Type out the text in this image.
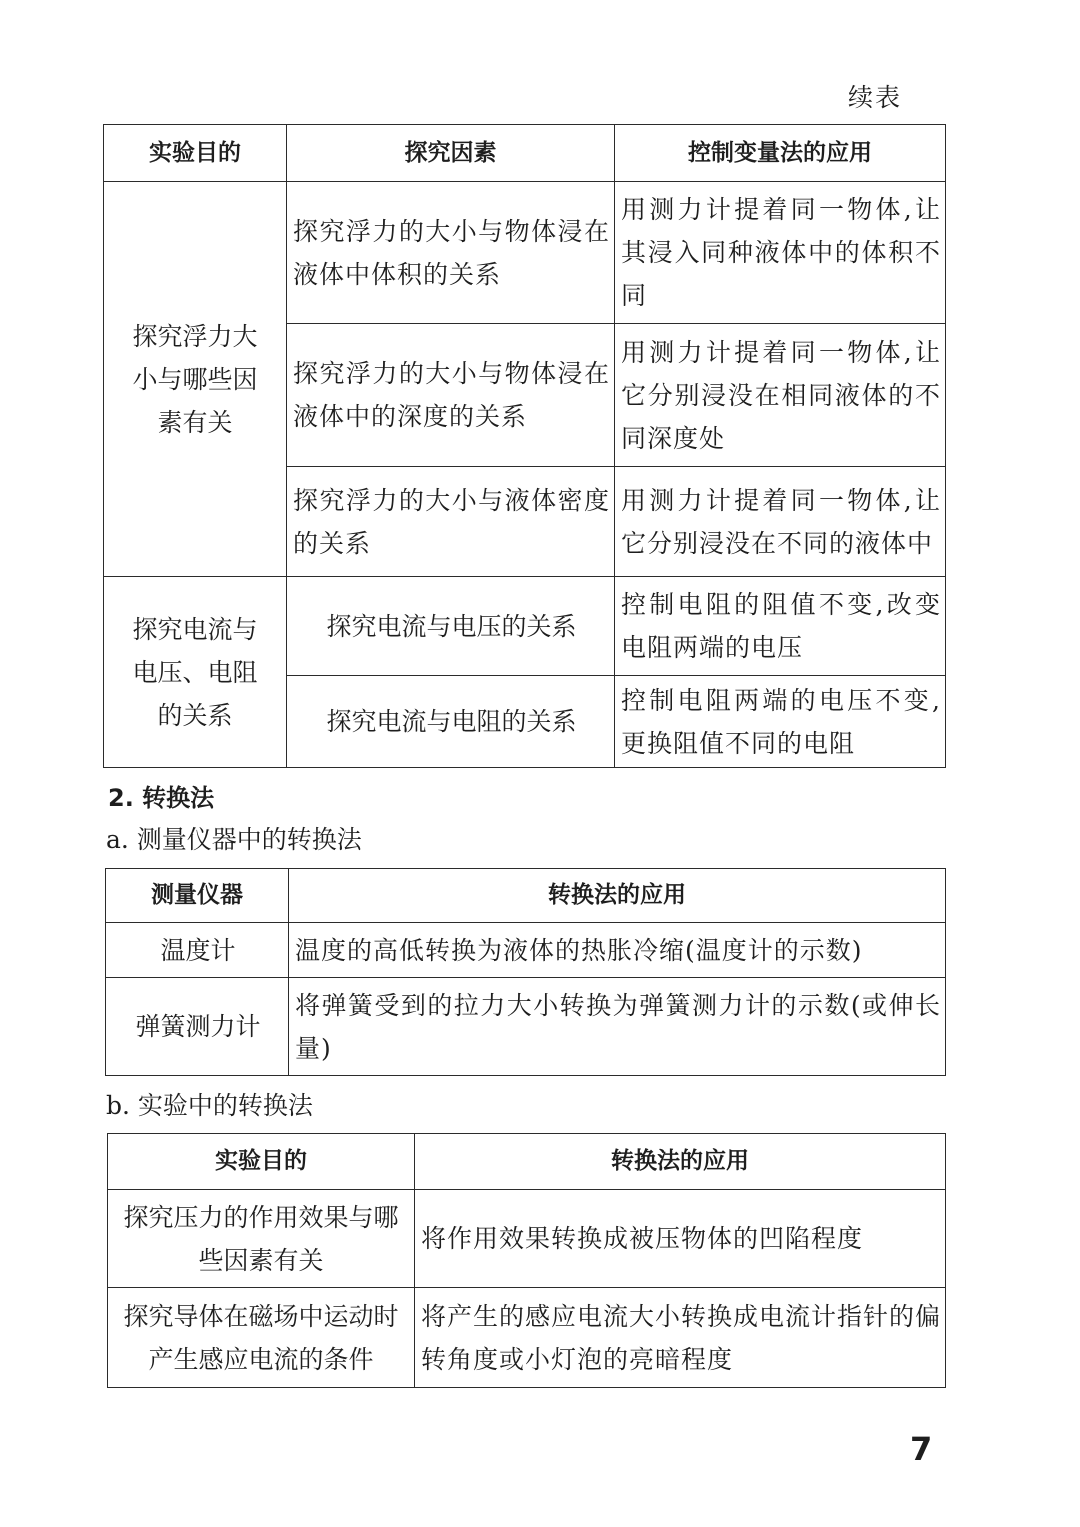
续表
实验目的	探究因素	控制变量法的应用
探究浮力大小与哪些因素有关	探究浮力的大小与物体浸在液体中体积的关系	用测力计提着同一物体,让其浸入同种液体中的体积不同
	探究浮力的大小与物体浸在液体中的深度的关系	用测力计提着同一物体,让它分别浸没在相同液体的不同深度处
	探究浮力的大小与液体密度的关系	用测力计提着同一物体,让它分别浸没在不同的液体中
探究电流与电压、电阻的关系	探究电流与电压的关系	控制电阻的阻值不变,改变电阻两端的电压
	探究电流与电阻的关系	控制电阻两端的电压不变,更换阻值不同的电阻
2. 转换法
a. 测量仪器中的转换法
测量仪器	转换法的应用
温度计	温度的高低转换为液体的热胀冷缩(温度计的示数)
弹簧测力计	将弹簧受到的拉力大小转换为弹簧测力计的示数(或伸长量)
b. 实验中的转换法
实验目的	转换法的应用
探究压力的作用效果与哪些因素有关	将作用效果转换成被压物体的凹陷程度
探究导体在磁场中运动时产生感应电流的条件	将产生的感应电流大小转换成电流计指针的偏转角度或小灯泡的亮暗程度
7
